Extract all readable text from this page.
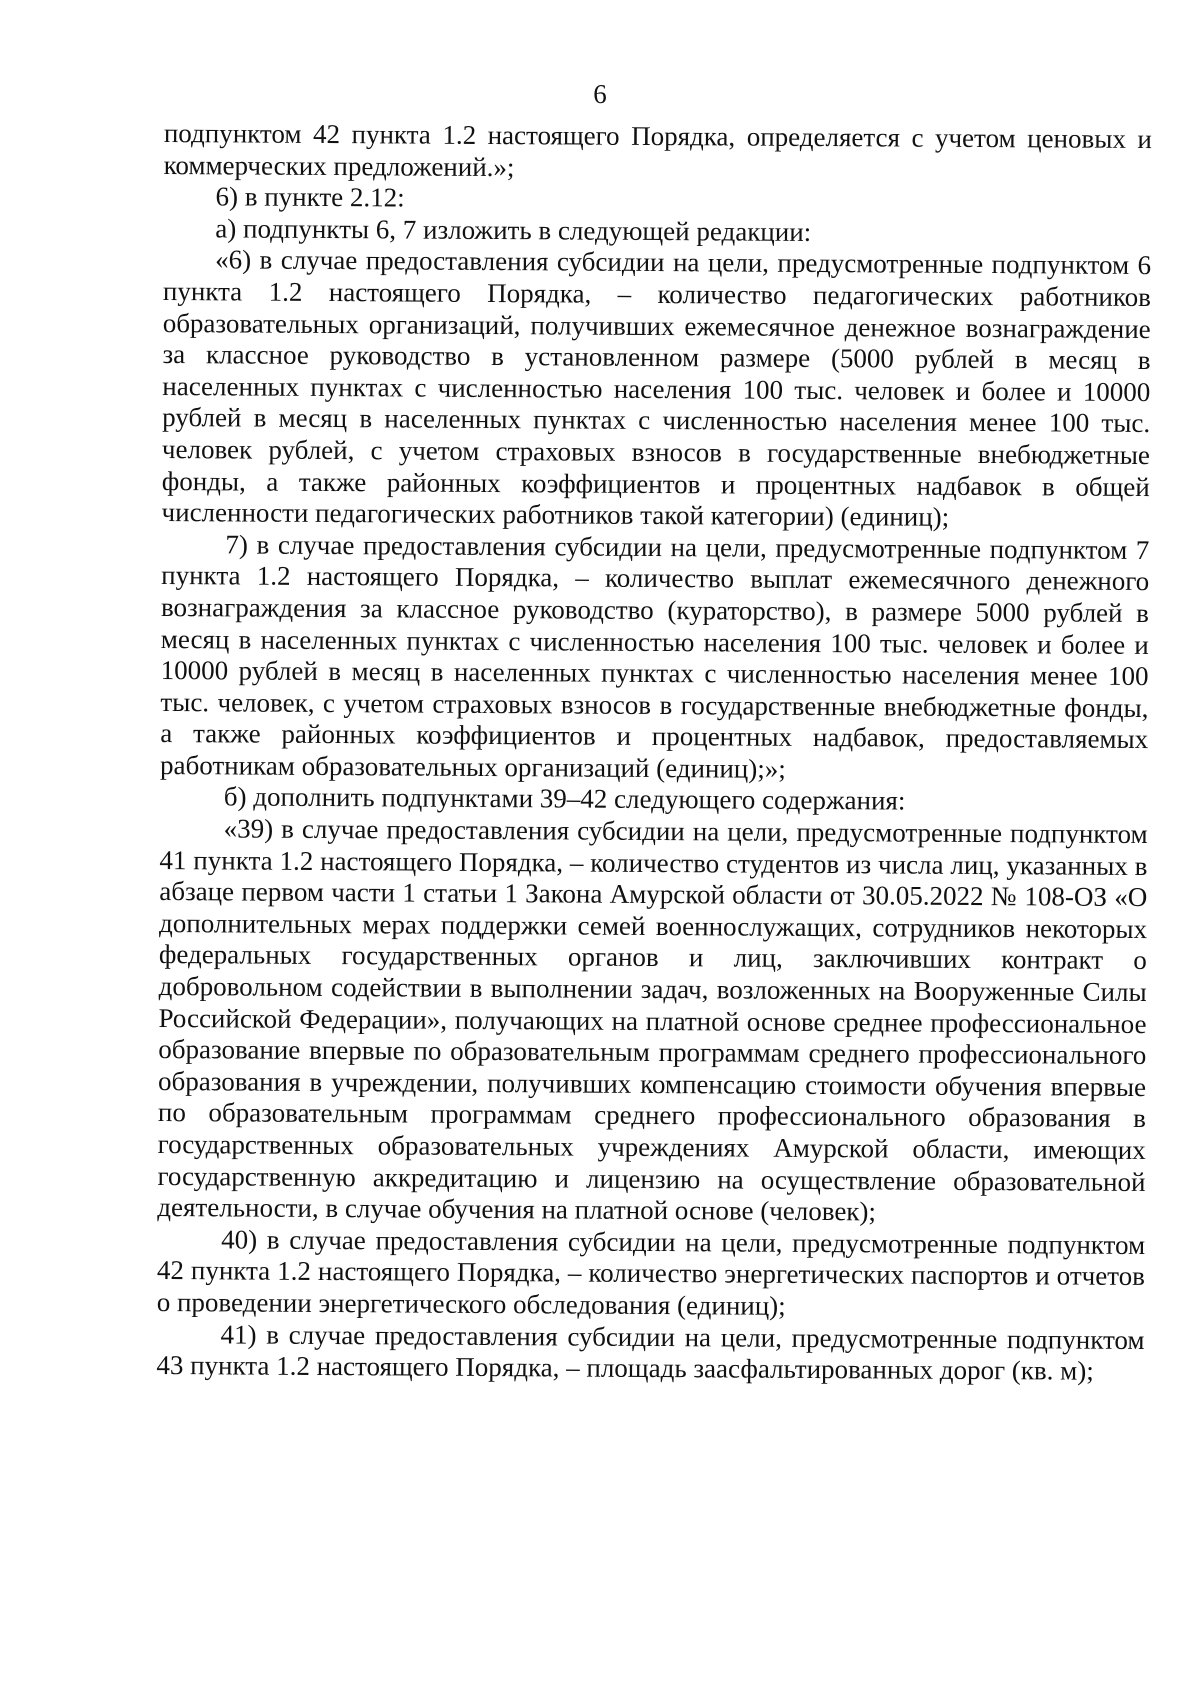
6

подпунктом 42 пункта 1.2 настоящего Порядка, определяется с учетом ценовых и коммерческих предложений.»;

6) в пункте 2.12:

а) подпункты 6, 7 изложить в следующей редакции:

«6) в случае предоставления субсидии на цели, предусмотренные подпунктом 6 пункта 1.2 настоящего Порядка, – количество педагогических работников образовательных организаций, получивших ежемесячное денежное вознаграждение за классное руководство в установленном размере (5000 рублей в месяц в населенных пунктах с численностью населения 100 тыс. человек и более и 10000 рублей в месяц в населенных пунктах с численностью населения менее 100 тыс. человек рублей, с учетом страховых взносов в государственные внебюджетные фонды, а также районных коэффициентов и процентных надбавок в общей численности педагогических работников такой категории) (единиц);

7) в случае предоставления субсидии на цели, предусмотренные подпунктом 7 пункта 1.2 настоящего Порядка, – количество выплат ежемесячного денежного вознаграждения за классное руководство (кураторство), в размере 5000 рублей в месяц в населенных пунктах с численностью населения 100 тыс. человек и более и 10000 рублей в месяц в населенных пунктах с численностью населения менее 100 тыс. человек, с учетом страховых взносов в государственные внебюджетные фонды, а также районных коэффициентов и процентных надбавок, предоставляемых работникам образовательных организаций (единиц);»;

б) дополнить подпунктами 39–42 следующего содержания:

«39) в случае предоставления субсидии на цели, предусмотренные подпунктом 41 пункта 1.2 настоящего Порядка, – количество студентов из числа лиц, указанных в абзаце первом части 1 статьи 1 Закона Амурской области от 30.05.2022 № 108-ОЗ «О дополнительных мерах поддержки семей военнослужащих, сотрудников некоторых федеральных государственных органов и лиц, заключивших контракт о добровольном содействии в выполнении задач, возложенных на Вооруженные Силы Российской Федерации», получающих на платной основе среднее профессиональное образование впервые по образовательным программам среднего профессионального образования в учреждении, получивших компенсацию стоимости обучения впервые по образовательным программам среднего профессионального образования в государственных образовательных учреждениях Амурской области, имеющих государственную аккредитацию и лицензию на осуществление образовательной деятельности, в случае обучения на платной основе (человек);

40) в случае предоставления субсидии на цели, предусмотренные подпунктом 42 пункта 1.2 настоящего Порядка, – количество энергетических паспортов и отчетов о проведении энергетического обследования (единиц);

41) в случае предоставления субсидии на цели, предусмотренные подпунктом 43 пункта 1.2 настоящего Порядка, – площадь заасфальтированных дорог (кв. м);
